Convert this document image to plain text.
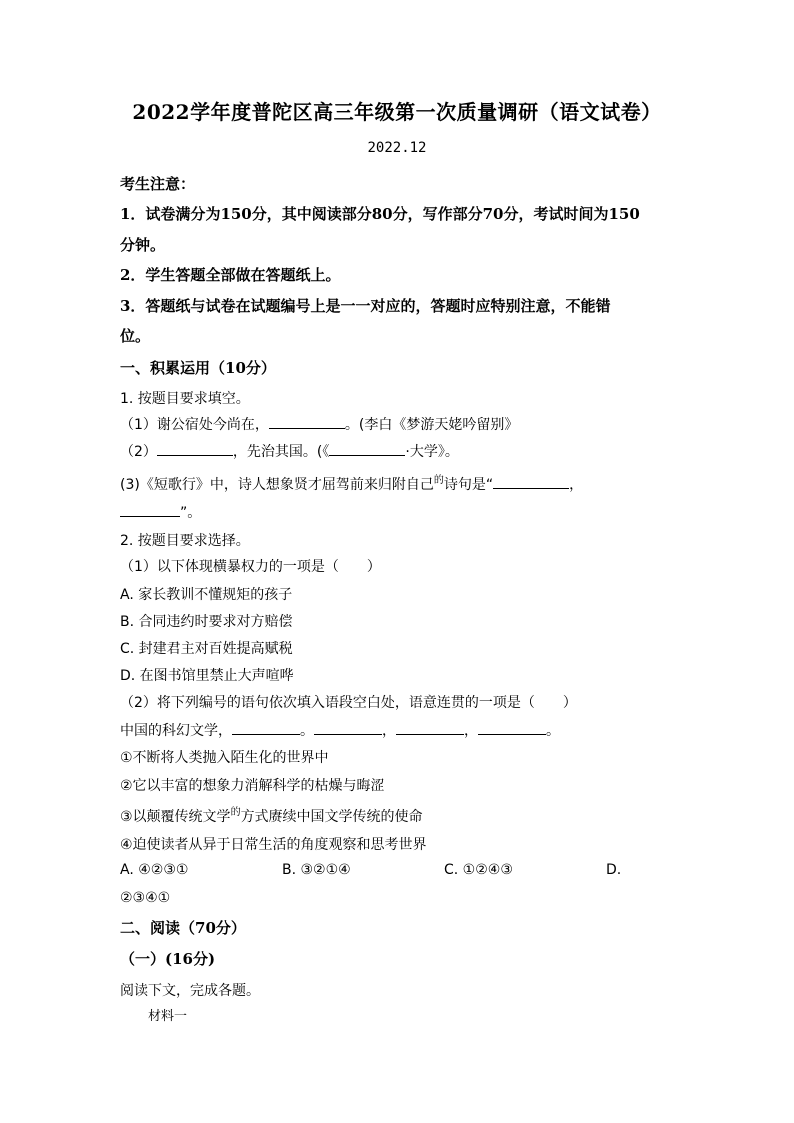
2022学年度普陀区高三年级第一次质量调研（语文试卷）
2022.12
考生注意：
1．试卷满分为150分，其中阅读部分80分，写作部分70分，考试时间为150
分钟。
2．学生答题全部做在答题纸上。
3．答题纸与试卷在试题编号上是一一对应的，答题时应特别注意，不能错
位。
一、积累运用（10分）
1. 按题目要求填空。
（1）谢公宿处今尚在，	。(李白《梦游天姥吟留别》
（2）	，先治其国。(《	·大学》。
(3)《短歌行》中，诗人想象贤才屈驾前来归附自己$^的$诗句是“	，
”。
2. 按题目要求选择。
（1）以下体现横暴权力的一项是（　　）
A. 家长教训不懂规矩的孩子
B. 合同违约时要求对方赔偿
C. 封建君主对百姓提高赋税
D. 在图书馆里禁止大声喧哗
（2）将下列编号的语句依次填入语段空白处，语意连贯的一项是（　　）
中国的科幻文学，	。	，	，	。
①不断将人类抛入陌生化的世界中
②它以丰富的想象力消解科学的枯燥与晦涩
③以颠覆传统文学$^的$方式赓续中国文学传统的使命
④迫使读者从异于日常生活的角度观察和思考世界
A. ④②③①	B. ③②①④	C. ①②④③	D.
②③④①
二、阅读（70分）
（一）(16分)
阅读下文，完成各题。
材料一
